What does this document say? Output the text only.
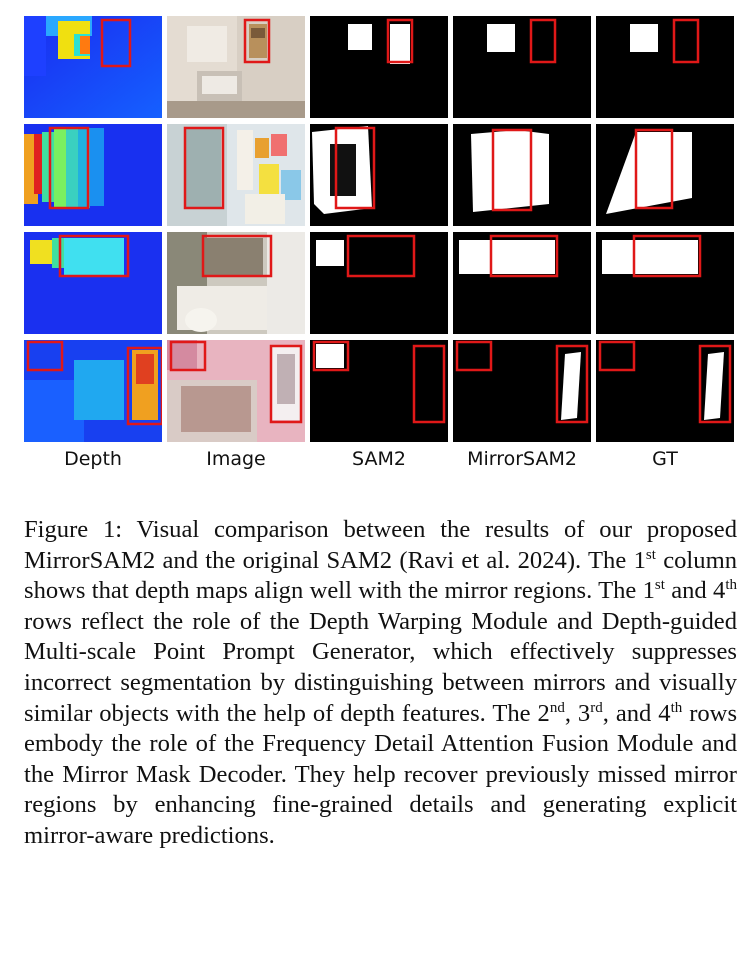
Depth	Image	SAM2	MirrorSAM2	GT

Figure 1: Visual comparison between the results of our proposed MirrorSAM2 and the original SAM2 (Ravi et al. 2024). The 1st column shows that depth maps align well with the mirror regions. The 1st and 4th rows reflect the role of the Depth Warping Module and Depth-guided Multi-scale Point Prompt Generator, which effectively suppresses incorrect segmentation by distinguishing between mirrors and visually similar objects with the help of depth features. The 2nd, 3rd, and 4th rows embody the role of the Frequency Detail Attention Fusion Module and the Mirror Mask Decoder. They help recover previously missed mirror regions by enhancing fine-grained details and generating explicit mirror-aware predictions.
